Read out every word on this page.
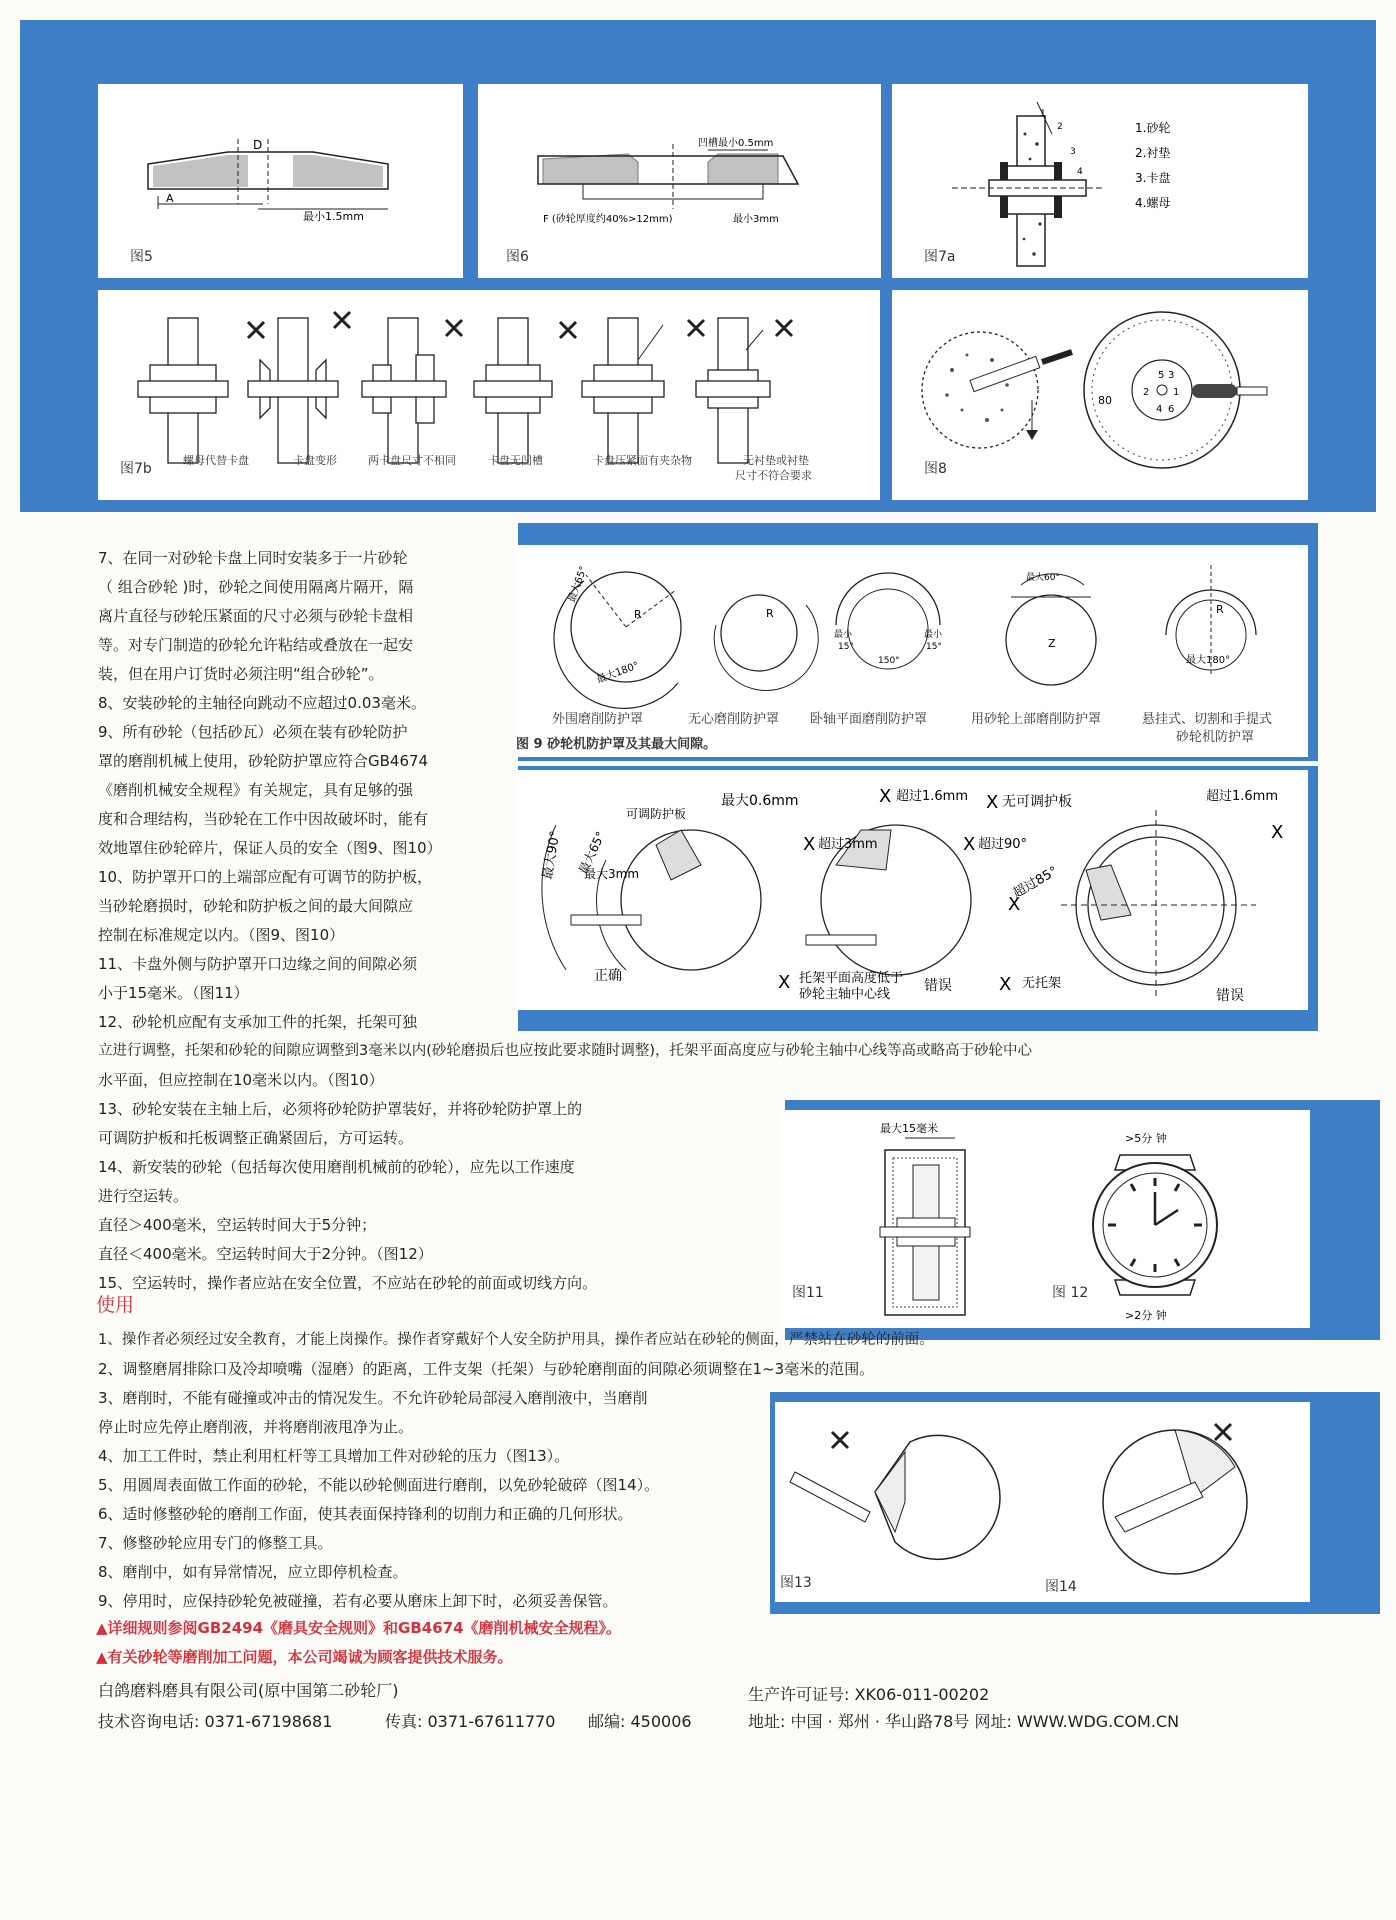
D
A
最小1.5mm
图5
凹槽最小0.5mm
F (砂轮厚度约40%>12mm)	最小3mm
图6
2
1
3
4
1.砂轮
2.衬垫
3.卡盘
4.螺母
图7a
图7b
螺母代替卡盘	卡盘变形	两卡盘尺寸不相同	卡盘无凹槽	卡盘压紧面有夹杂物	无衬垫或衬垫
尺寸不符合要求
80
5 3
2 1
4 6
图8
最大65°
最大180°
R	R
最小
15°
最小
15°
150°
最大60°
Z
R
最大180°
外围磨削防护罩	无心磨削防护罩 卧轴平面磨削防护罩	用砂轮上部磨削防护罩	悬挂式、切割和手提式
砂轮机防护罩
图 9 砂轮机防护罩及其最大间隙。
最大90° 最大65°
可调防护板
最大0.6mm
最大3mm
正确
X 超过1.6mm
X 超过3mm
X 托架平面高度低于
砂轮主轴中心线
错误
X 无可调护板	超过1.6mm
X
X 超过90°
超过85°
X
X 无托架
错误
7、在同一对砂轮卡盘上同时安装多于一片砂轮
（ 组合砂轮 )时，砂轮之间使用隔离片隔开，隔
离片直径与砂轮压紧面的尺寸必须与砂轮卡盘相
等。对专门制造的砂轮允许粘结或叠放在一起安
装，但在用户订货时必须注明“组合砂轮”。
8、安装砂轮的主轴径向跳动不应超过0.03毫米。
9、所有砂轮（包括砂瓦）必须在装有砂轮防护
罩的磨削机械上使用，砂轮防护罩应符合GB4674
《磨削机械安全规程》有关规定，具有足够的强
度和合理结构，当砂轮在工作中因故破坏时，能有
效地罩住砂轮碎片，保证人员的安全（图9、图10）
10、防护罩开口的上端部应配有可调节的防护板，
当砂轮磨损时，砂轮和防护板之间的最大间隙应
控制在标准规定以内。（图9、图10）
11、卡盘外侧与防护罩开口边缘之间的间隙必须
小于15毫米。（图11）
12、砂轮机应配有支承加工件的托架，托架可独
立进行调整，托架和砂轮的间隙应调整到3毫米以内(砂轮磨损后也应按此要求随时调整)，托架平面高度应与砂轮主轴中心线等高或略高于砂轮中心
水平面，但应控制在10毫米以内。（图10）
最大15毫米
>5分 钟
>2分 钟
图11	图 12
13、砂轮安装在主轴上后，必须将砂轮防护罩装好，并将砂轮防护罩上的
可调防护板和托板调整正确紧固后，方可运转。
14、新安装的砂轮（包括每次使用磨削机械前的砂轮），应先以工作速度
进行空运转。
直径＞400毫米，空运转时间大于5分钟；
直径＜400毫米。空运转时间大于2分钟。（图12）
15、空运转时，操作者应站在安全位置，不应站在砂轮的前面或切线方向。
使用
1、操作者必须经过安全教育，才能上岗操作。操作者穿戴好个人安全防护用具，操作者应站在砂轮的侧面，严禁站在砂轮的前面。
2、调整磨屑排除口及冷却喷嘴（湿磨）的距离，工件支架（托架）与砂轮磨削面的间隙必须调整在1~3毫米的范围。
3、磨削时，不能有碰撞或冲击的情况发生。不允许砂轮局部浸入磨削液中，当磨削
停止时应先停止磨削液，并将磨削液甩净为止。
4、加工工件时，禁止利用杠杆等工具增加工件对砂轮的压力（图13）。
5、用圆周表面做工作面的砂轮，不能以砂轮侧面进行磨削，以免砂轮破碎（图14）。
6、适时修整砂轮的磨削工作面，使其表面保持锋利的切削力和正确的几何形状。
7、修整砂轮应用专门的修整工具。
8、磨削中，如有异常情况，应立即停机检查。
9、停用时，应保持砂轮免被碰撞，若有必要从磨床上卸下时，必须妥善保管。
▲详细规则参阅GB2494《磨具安全规则》和GB4674《磨削机械安全规程》。
▲有关砂轮等磨削加工问题，本公司竭诚为顾客提供技术服务。
图13	图14
白鸽磨料磨具有限公司(原中国第二砂轮厂)	生产许可证号: XK06-011-00202
技术咨询电话: 0371-67198681	传真: 0371-67611770 邮编: 450006	地址: 中国 · 郑州 · 华山路78号 网址: WWW.WDG.COM.CN
